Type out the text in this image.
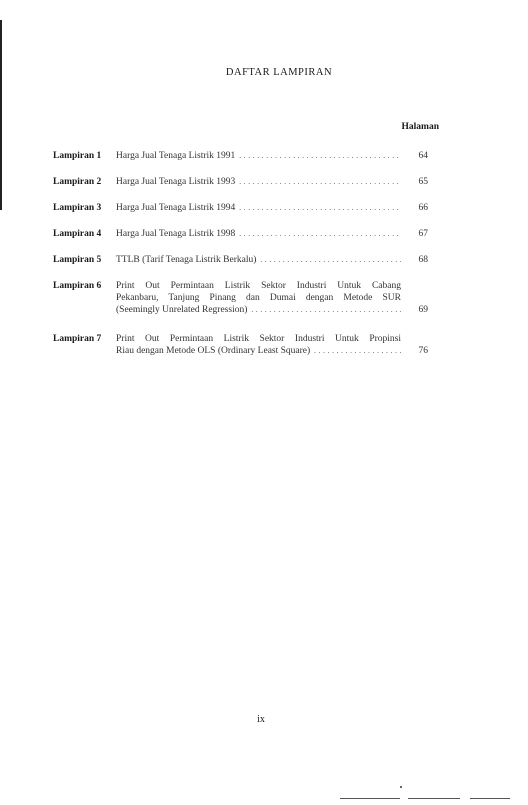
DAFTAR LAMPIRAN
Halaman
Lampiran 1 Harga Jual Tenaga Listrik 1991 . . .	64
Lampiran 2 Harga Jual Tenaga Listrik 1993 . . .	65
Lampiran 3 Harga Jual Tenaga Listrik 1994 . . .	66
Lampiran 4 Harga Jual Tenaga Listrik 1998 . . .	67
Lampiran 5 TTLB (Tarif Tenaga Listrik Berkalu) . . .	68
Lampiran 6 Print Out Permintaan Listrik Sektor Industri Untuk Cabang
Pekanbaru, Tanjung Pinang dan Dumai dengan Metode SUR
(Seemingly Unrelated Regression) . . .	69
Lampiran 7 Print Out Permintaan Listrik Sektor Industri Untuk Propinsi
Riau dengan Metode OLS (Ordinary Least Square) . . .	76
ix
